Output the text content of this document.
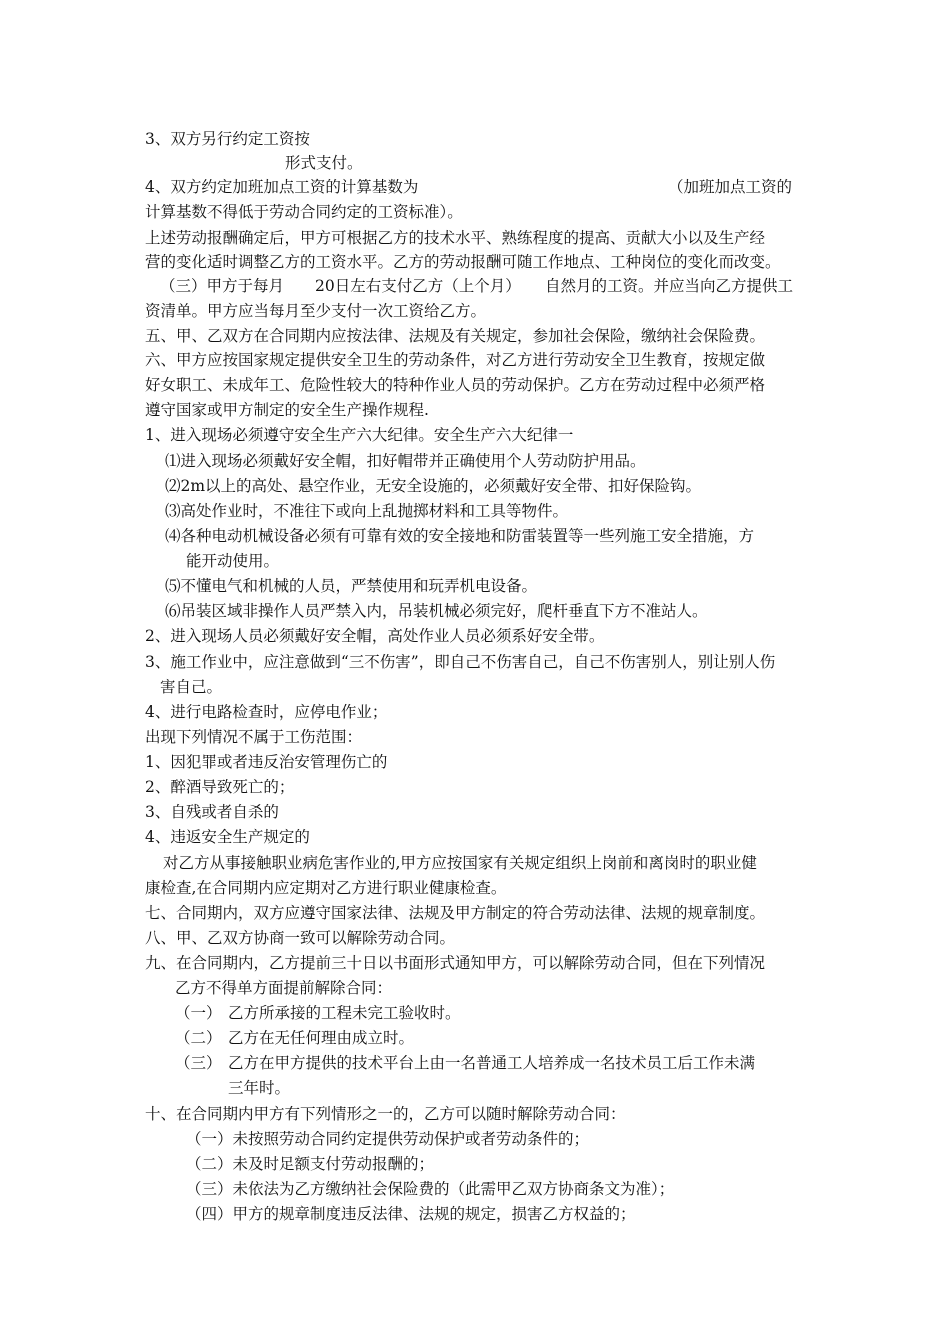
3、双方另行约定工资按
形式支付。
4、双方约定加班加点工资的计算基数为	（加班加点工资的
计算基数不得低于劳动合同约定的工资标准）。
上述劳动报酬确定后，甲方可根据乙方的技术水平、熟练程度的提高、贡献大小以及生产经
营的变化适时调整乙方的工资水平。乙方的劳动报酬可随工作地点、工种岗位的变化而改变。
（三）甲方于每月 20日左右支付乙方（上个月） 自然月的工资。并应当向乙方提供工
资清单。甲方应当每月至少支付一次工资给乙方。
五、甲、乙双方在合同期内应按法律、法规及有关规定，参加社会保险，缴纳社会保险费。
六、甲方应按国家规定提供安全卫生的劳动条件，对乙方进行劳动安全卫生教育，按规定做
好女职工、未成年工、危险性较大的特种作业人员的劳动保护。乙方在劳动过程中必须严格
遵守国家或甲方制定的安全生产操作规程.
1、进入现场必须遵守安全生产六大纪律。安全生产六大纪律一
⑴进入现场必须戴好安全帽，扣好帽带并正确使用个人劳动防护用品。
⑵2m以上的高处、悬空作业，无安全设施的，必须戴好安全带、扣好保险钩。
⑶高处作业时，不准往下或向上乱抛掷材料和工具等物件。
⑷各种电动机械设备必须有可靠有效的安全接地和防雷装置等一些列施工安全措施，方
能开动使用。
⑸不懂电气和机械的人员，严禁使用和玩弄机电设备。
⑹吊装区域非操作人员严禁入内，吊装机械必须完好，爬杆垂直下方不准站人。
2、进入现场人员必须戴好安全帽，高处作业人员必须系好安全带。
3、施工作业中，应注意做到“三不伤害”，即自己不伤害自己，自己不伤害别人，别让别人伤
害自己。
4、进行电路检查时，应停电作业；
出现下列情况不属于工伤范围：
1、因犯罪或者违反治安管理伤亡的
2、醉酒导致死亡的；
3、自残或者自杀的
4、违返安全生产规定的
对乙方从事接触职业病危害作业的,甲方应按国家有关规定组织上岗前和离岗时的职业健
康检查,在合同期内应定期对乙方进行职业健康检查。
七、合同期内，双方应遵守国家法律、法规及甲方制定的符合劳动法律、法规的规章制度。
八、甲、乙双方协商一致可以解除劳动合同。
九、在合同期内，乙方提前三十日以书面形式通知甲方，可以解除劳动合同，但在下列情况
乙方不得单方面提前解除合同：
（一） 乙方所承接的工程未完工验收时。
（二） 乙方在无任何理由成立时。
（三） 乙方在甲方提供的技术平台上由一名普通工人培养成一名技术员工后工作未满
三年时。
十、在合同期内甲方有下列情形之一的，乙方可以随时解除劳动合同：
（一）未按照劳动合同约定提供劳动保护或者劳动条件的；
（二）未及时足额支付劳动报酬的；
（三）未依法为乙方缴纳社会保险费的（此需甲乙双方协商条文为准）；
（四）甲方的规章制度违反法律、法规的规定，损害乙方权益的；
